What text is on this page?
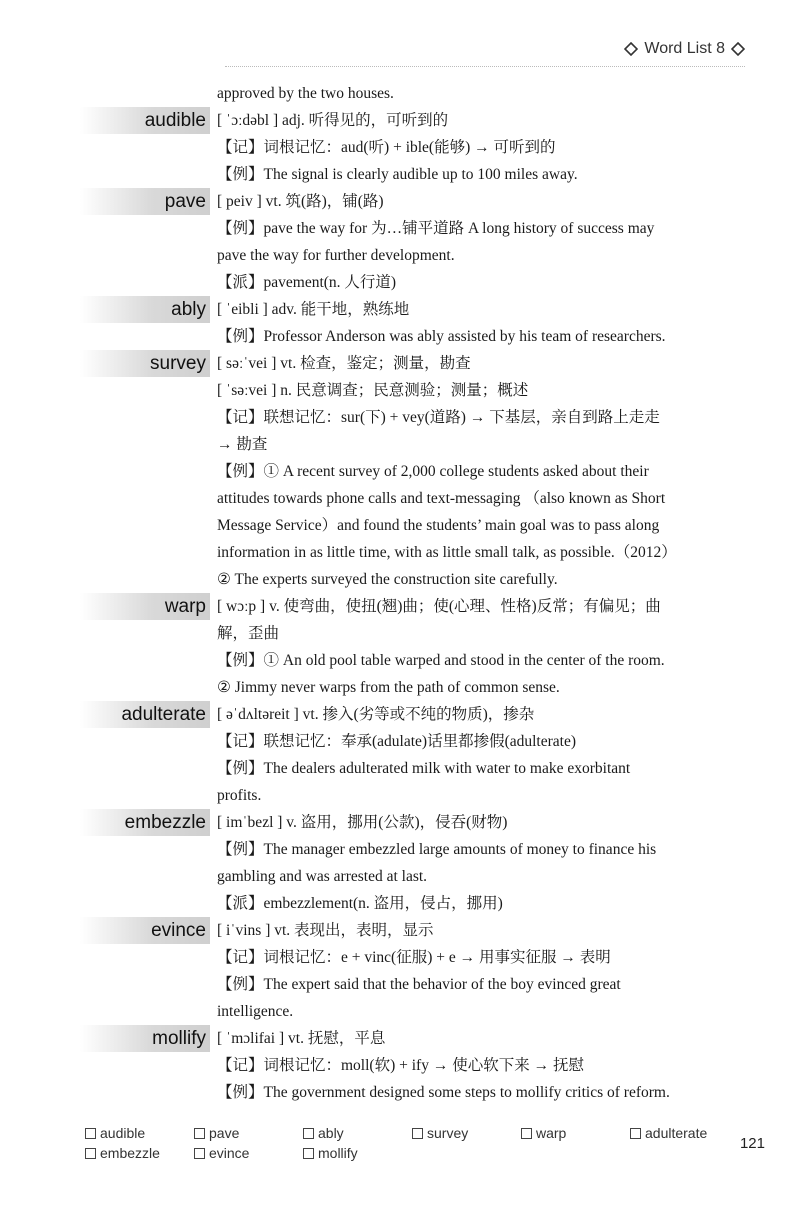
Word List 8
approved by the two houses.
audible [ ˈɔːdəbl ] adj. 听得见的，可听到的
【记】词根记忆：aud(听) + ible(能够) → 可听到的
【例】The signal is clearly audible up to 100 miles away.
pave [ peiv ] vt. 筑(路)，铺(路)
【例】pave the way for 为…铺平道路 A long history of success may
pave the way for further development.
【派】pavement(n. 人行道)
ably [ ˈeibli ] adv. 能干地，熟练地
【例】Professor Anderson was ably assisted by his team of researchers.
survey [ səːˈvei ] vt. 检查，鉴定；测量，勘查
[ ˈsəːvei ] n. 民意调查；民意测验；测量；概述
【记】联想记忆：sur(下) + vey(道路) → 下基层，亲自到路上走走
→ 勘查
【例】① A recent survey of 2,000 college students asked about their
attitudes towards phone calls and text-messaging （also known as Short
Message Service）and found the students’ main goal was to pass along
information in as little time, with as little small talk, as possible.（2012）
② The experts surveyed the construction site carefully.
warp [ wɔːp ] v. 使弯曲，使扭(翘)曲；使(心理、性格)反常；有偏见；曲
解，歪曲
【例】① An old pool table warped and stood in the center of the room.
② Jimmy never warps from the path of common sense.
adulterate [ əˈdʌltəreit ] vt. 掺入(劣等或不纯的物质)，掺杂
【记】联想记忆：奉承(adulate)话里都掺假(adulterate)
【例】The dealers adulterated milk with water to make exorbitant
profits.
embezzle [ imˈbezl ] v. 盗用，挪用(公款)，侵吞(财物)
【例】The manager embezzled large amounts of money to finance his
gambling and was arrested at last.
【派】embezzlement(n. 盗用，侵占，挪用)
evince [ iˈvins ] vt. 表现出，表明，显示
【记】词根记忆：e + vinc(征服) + e → 用事实征服 → 表明
【例】The expert said that the behavior of the boy evinced great
intelligence.
mollify [ ˈmɔlifai ] vt. 抚慰，平息
【记】词根记忆：moll(软) + ify → 使心软下来 → 抚慰
【例】The government designed some steps to mollify critics of reform.
audible	pave	ably	survey	warp	adulterate
embezzle	evince	mollify
121
